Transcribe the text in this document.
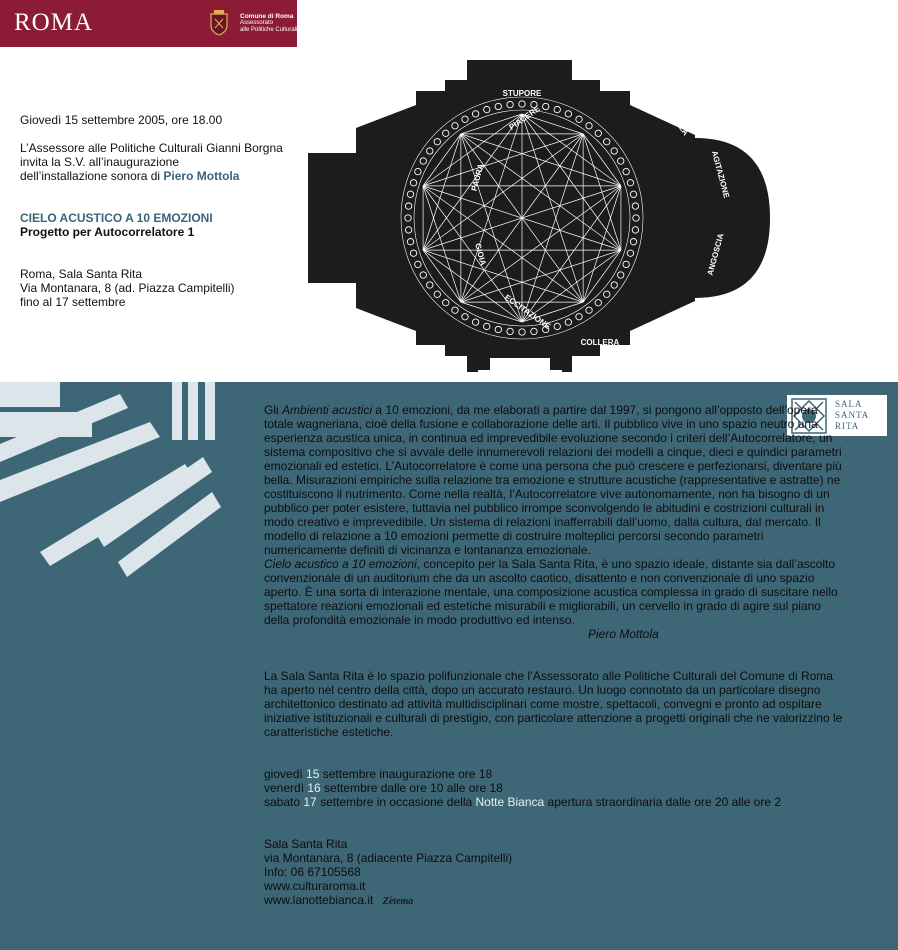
ROMA	Comune di Roma
Assessorato
alle Politiche Culturali
Giovedì 15 settembre 2005, ore 18.00
L’Assessore alle Politiche Culturali Gianni Borgna
invita la S.V. all’inaugurazione
dell’installazione sonora di Piero Mottola
CIELO ACUSTICO A 10 EMOZIONI
Progetto per Autocorrelatore 1
Roma, Sala Santa Rita
Via Montanara, 8 (ad. Piazza Campitelli)
fino al 17 settembre
STUPORE
TRISTEZZA
AGITAZIONE
ANGOSCIA
CALMA
COLLERA
ECCITAZIONE
GIOIA
PAURA
PIACERE
SALA
SANTA
RITA

Gli Ambienti acustici a 10 emozioni, da me elaborati a partire dal 1997, si pongono all’opposto dell’opera totale wagneriana, cioè della fusione e collaborazione delle arti. Il pubblico vive in uno spazio neutro una esperienza acustica unica, in continua ed imprevedibile evoluzione secondo i criteri dell’Autocorrelatore, un sistema compositivo che si avvale delle innumerevoli relazioni dei modelli a cinque, dieci e quindici parametri emozionali ed estetici. L’Autocorrelatore è come una persona che può crescere e perfezionarsi, diventare più bella. Misurazioni empiriche sulla relazione tra emozione e strutture acustiche (rappresentative e astratte) ne costituiscono il nutrimento. Come nella realtà, l’Autocorrelatore vive autonomamente, non ha bisogno di un pubblico per poter esistere, tuttavia nel pubblico irrompe sconvolgendo le abitudini e costrizioni culturali in modo creativo e imprevedibile. Un sistema di relazioni inafferrabili dall’uomo, dalla cultura, dal mercato. Il modello di relazione a 10 emozioni permette di costruire molteplici percorsi secondo parametri numericamente definiti di vicinanza e lontananza emozionale.

Cielo acustico a 10 emozioni, concepito per la Sala Santa Rita, è uno spazio ideale, distante sia dall’ascolto convenzionale di un auditorium che da un ascolto caotico, disattento e non convenzionale di uno spazio aperto. È una sorta di interazione mentale, una composizione acustica complessa in grado di suscitare nello spettatore reazioni emozionali ed estetiche misurabili e migliorabili, un cervello in grado di agire sul piano della profondità emozionale in modo produttivo ed intenso.

Piero Mottola

La Sala Santa Rita è lo spazio polifunzionale che l’Assessorato alle Politiche Culturali del Comune di Roma ha aperto nel centro della città, dopo un accurato restauro. Un luogo connotato da un particolare disegno architettonico destinato ad attività multidisciplinari come mostre, spettacoli, convegni e pronto ad ospitare iniziative istituzionali e culturali di prestigio, con particolare attenzione a progetti originali che ne valorizzino le caratteristiche estetiche.

giovedì 15 settembre inaugurazione ore 18

venerdì 16 settembre dalle ore 10 alle ore 18

sabato 17 settembre in occasione della Notte Bianca apertura straordinaria dalle ore 20 alle ore 2

Sala Santa Rita

via Montanara, 8 (adiacente Piazza Campitelli)

Info: 06 67105568

www.culturaroma.it

www.lanottebianca.it Zètema
